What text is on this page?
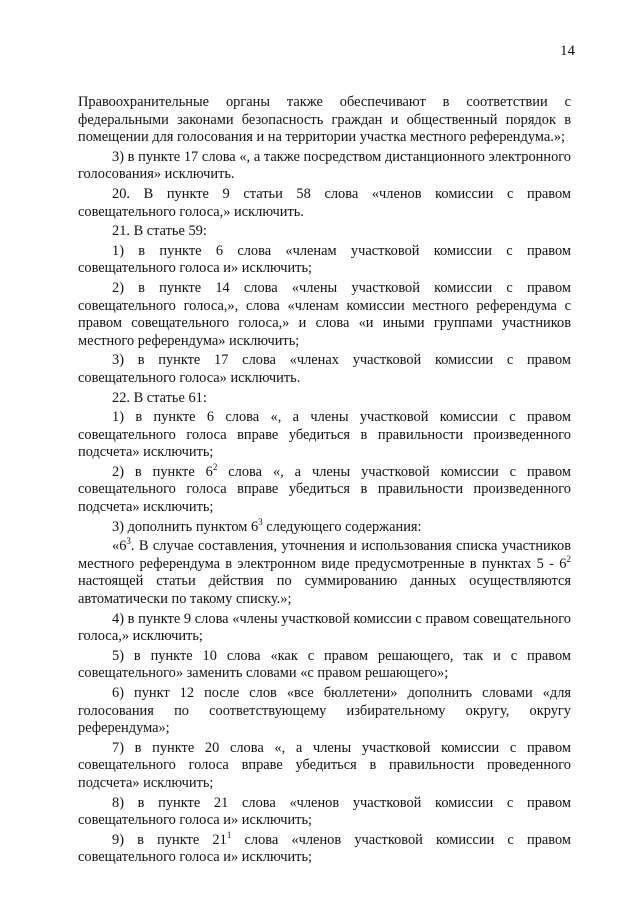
14

Правоохранительные органы также обеспечивают в соответствии с федеральными законами безопасность граждан и общественный порядок в помещении для голосования и на территории участка местного референдума.»;

3) в пункте 17 слова «, а также посредством дистанционного электронного голосования» исключить.

20. В пункте 9 статьи 58 слова «членов комиссии с правом совещательного голоса,» исключить.

21. В статье 59:

1) в пункте 6 слова «членам участковой комиссии с правом совещательного голоса и» исключить;

2) в пункте 14 слова «члены участковой комиссии с правом совещательного голоса,», слова «членам комиссии местного референдума с правом совещательного голоса,» и слова «и иными группами участников местного референдума» исключить;

3) в пункте 17 слова «членах участковой комиссии с правом совещательного голоса» исключить.

22. В статье 61:

1) в пункте 6 слова «, а члены участковой комиссии с правом совещательного голоса вправе убедиться в правильности произведенного подсчета» исключить;

2) в пункте $6^2$ слова «, а члены участковой комиссии с правом совещательного голоса вправе убедиться в правильности произведенного подсчета» исключить;

3) дополнить пунктом $6^3$ следующего содержания:

«$6^3$. В случае составления, уточнения и использования списка участников местного референдума в электронном виде предусмотренные в пунктах $5 - 6^2$ настоящей статьи действия по суммированию данных осуществляются автоматически по такому списку.»;

4) в пункте 9 слова «члены участковой комиссии с правом совещательного голоса,» исключить;

5) в пункте 10 слова «как с правом решающего, так и с правом совещательного» заменить словами «с правом решающего»;

6) пункт 12 после слов «все бюллетени» дополнить словами «для голосования по соответствующему избирательному округу, округу референдума»;

7) в пункте 20 слова «, а члены участковой комиссии с правом совещательного голоса вправе убедиться в правильности проведенного подсчета» исключить;

8) в пункте 21 слова «членов участковой комиссии с правом совещательного голоса и» исключить;

9) в пункте $21^1$ слова «членов участковой комиссии с правом совещательного голоса и» исключить;
